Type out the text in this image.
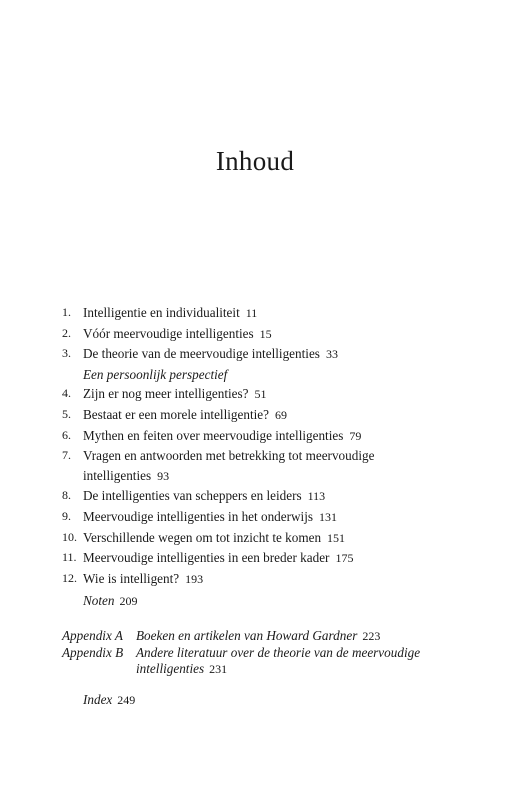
Inhoud
1. Intelligentie en individualiteit 11
2. Vóór meervoudige intelligenties 15
3. De theorie van de meervoudige intelligenties 33
Een persoonlijk perspectief
4. Zijn er nog meer intelligenties? 51
5. Bestaat er een morele intelligentie? 69
6. Mythen en feiten over meervoudige intelligenties 79
7. Vragen en antwoorden met betrekking tot meervoudige intelligenties 93
8. De intelligenties van scheppers en leiders 113
9. Meervoudige intelligenties in het onderwijs 131
10. Verschillende wegen om tot inzicht te komen 151
11. Meervoudige intelligenties in een breder kader 175
12. Wie is intelligent? 193
Noten 209
Appendix A Boeken en artikelen van Howard Gardner 223
Appendix B Andere literatuur over de theorie van de meervoudige intelligenties 231
Index 249
